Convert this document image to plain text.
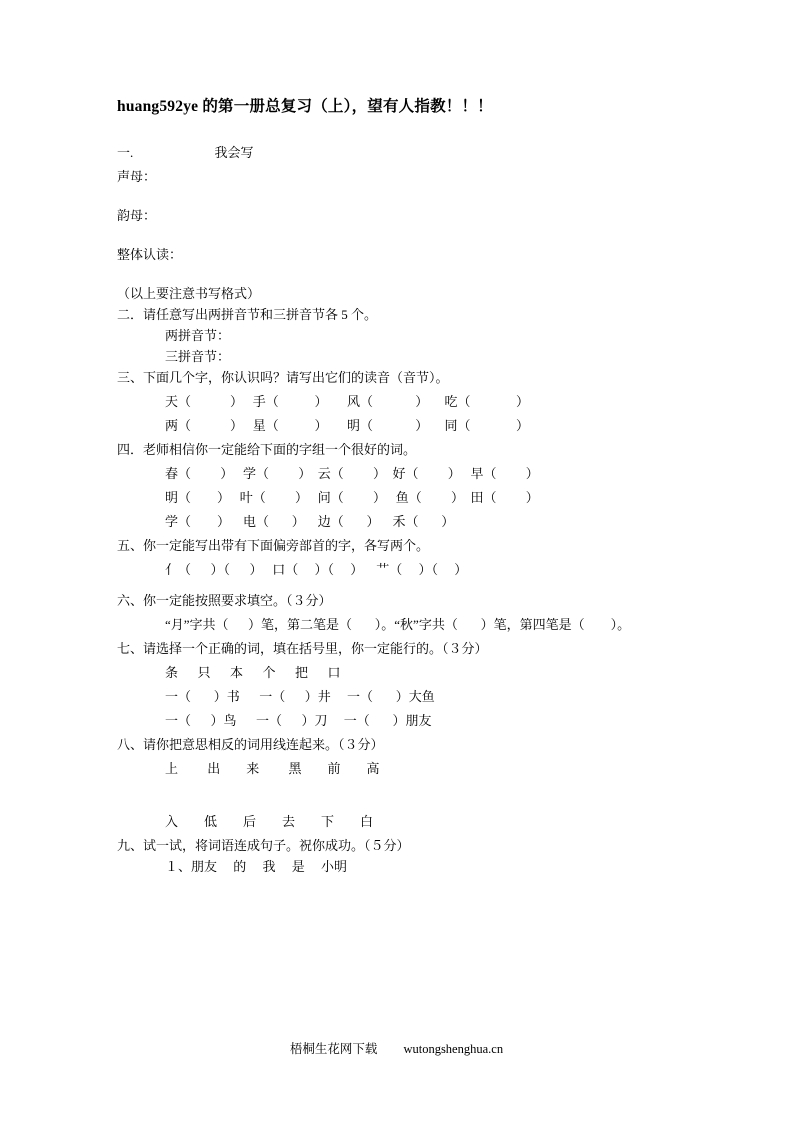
huang592ye 的第一册总复习（上），望有人指教！！！
一.                         我会写
声母：
韵母：
整体认读：
（以上要注意书写格式）
二．请任意写出两拼音节和三拼音节各 5 个。
两拼音节：
三拼音节：
三、下面几个字，你认识吗？请写出它们的读音（音节）。
天（            ）   手（           ）      风（             ）     吃（              ）
两（            ）   星（           ）      明（             ）     同（              ）
四．老师相信你一定能给下面的字组一个很好的词。
春（         ）   学（         ）  云（         ）  好（         ）   早（         ）
明（        ）   叶（         ）   问（         ）   鱼（         ）  田（         ）
学（        ）    电（       ）    边（       ）    禾（       ）
五、你一定能写出带有下面偏旁部首的字，各写两个。
亻（      ）（      ）   口（     ）（     ）    艹（     ）（     ）
六、你一定能按照要求填空。（３分）
“月”字共（      ）笔，第二笔是（       ）。“秋”字共（       ）笔，第四笔是（        ）。
七、请选择一个正确的词，填在括号里，你一定能行的。（３分）
条      只      本      个      把      口
一（       ）书      一（      ）井     一（       ）大鱼
一（      ）鸟      一（      ）刀     一（       ）朋友
八、请你把意思相反的词用线连起来。（３分）
上         出        来         黑        前        高
入        低        后        去        下        白
九、试一试，将词语连成句子。祝你成功。（５分）
１、朋友     的     我     是     小明
梧桐生花网下载 wutongshenghua.cn
